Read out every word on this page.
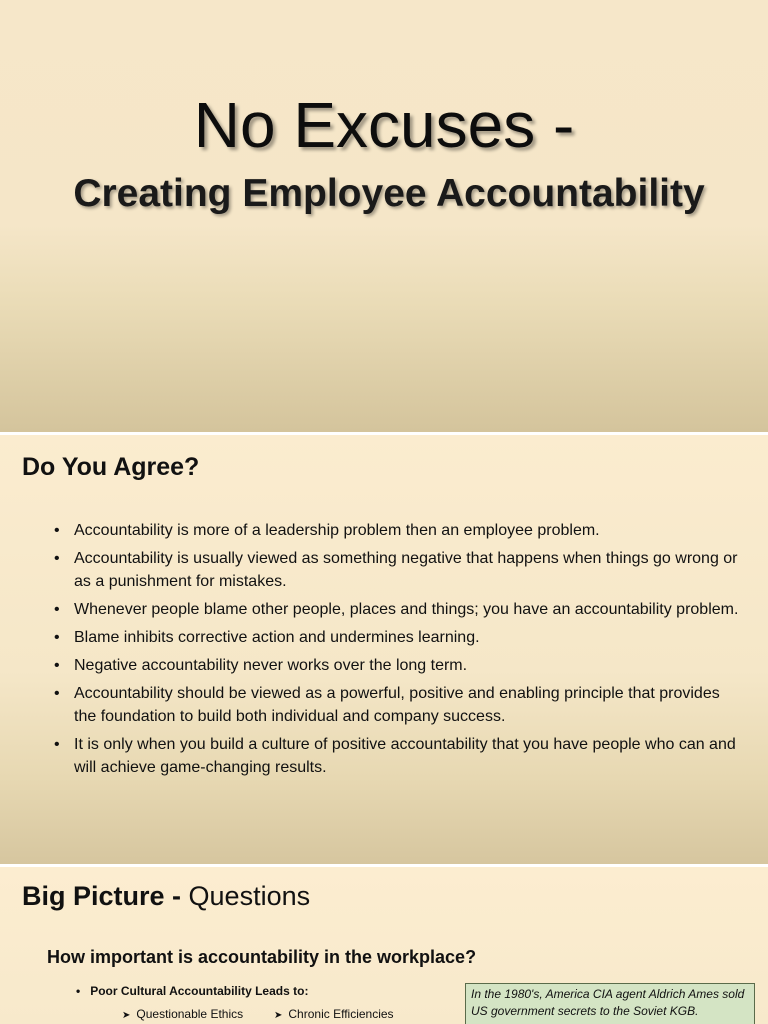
No Excuses -
Creating Employee Accountability
Do You Agree?
• Accountability is more of a leadership problem then an employee problem.
• Accountability is usually viewed as something negative that happens when things go wrong or as a punishment for mistakes.
• Whenever people blame other people, places and things; you have an accountability problem.
• Blame inhibits corrective action and undermines learning.
• Negative accountability never works over the long term.
• Accountability should be viewed as a powerful, positive and enabling principle that provides the foundation to build both individual and company success.
• It is only when you build a culture of positive accountability that you have people who can and will achieve game-changing results.
Big Picture - Questions
How important is accountability in the workplace?
• Poor Cultural Accountability Leads to:
➤ Questionable Ethics	➤ Chronic Efficiencies
In the 1980's, America CIA agent Aldrich Ames sold US government secrets to the Soviet KGB.
